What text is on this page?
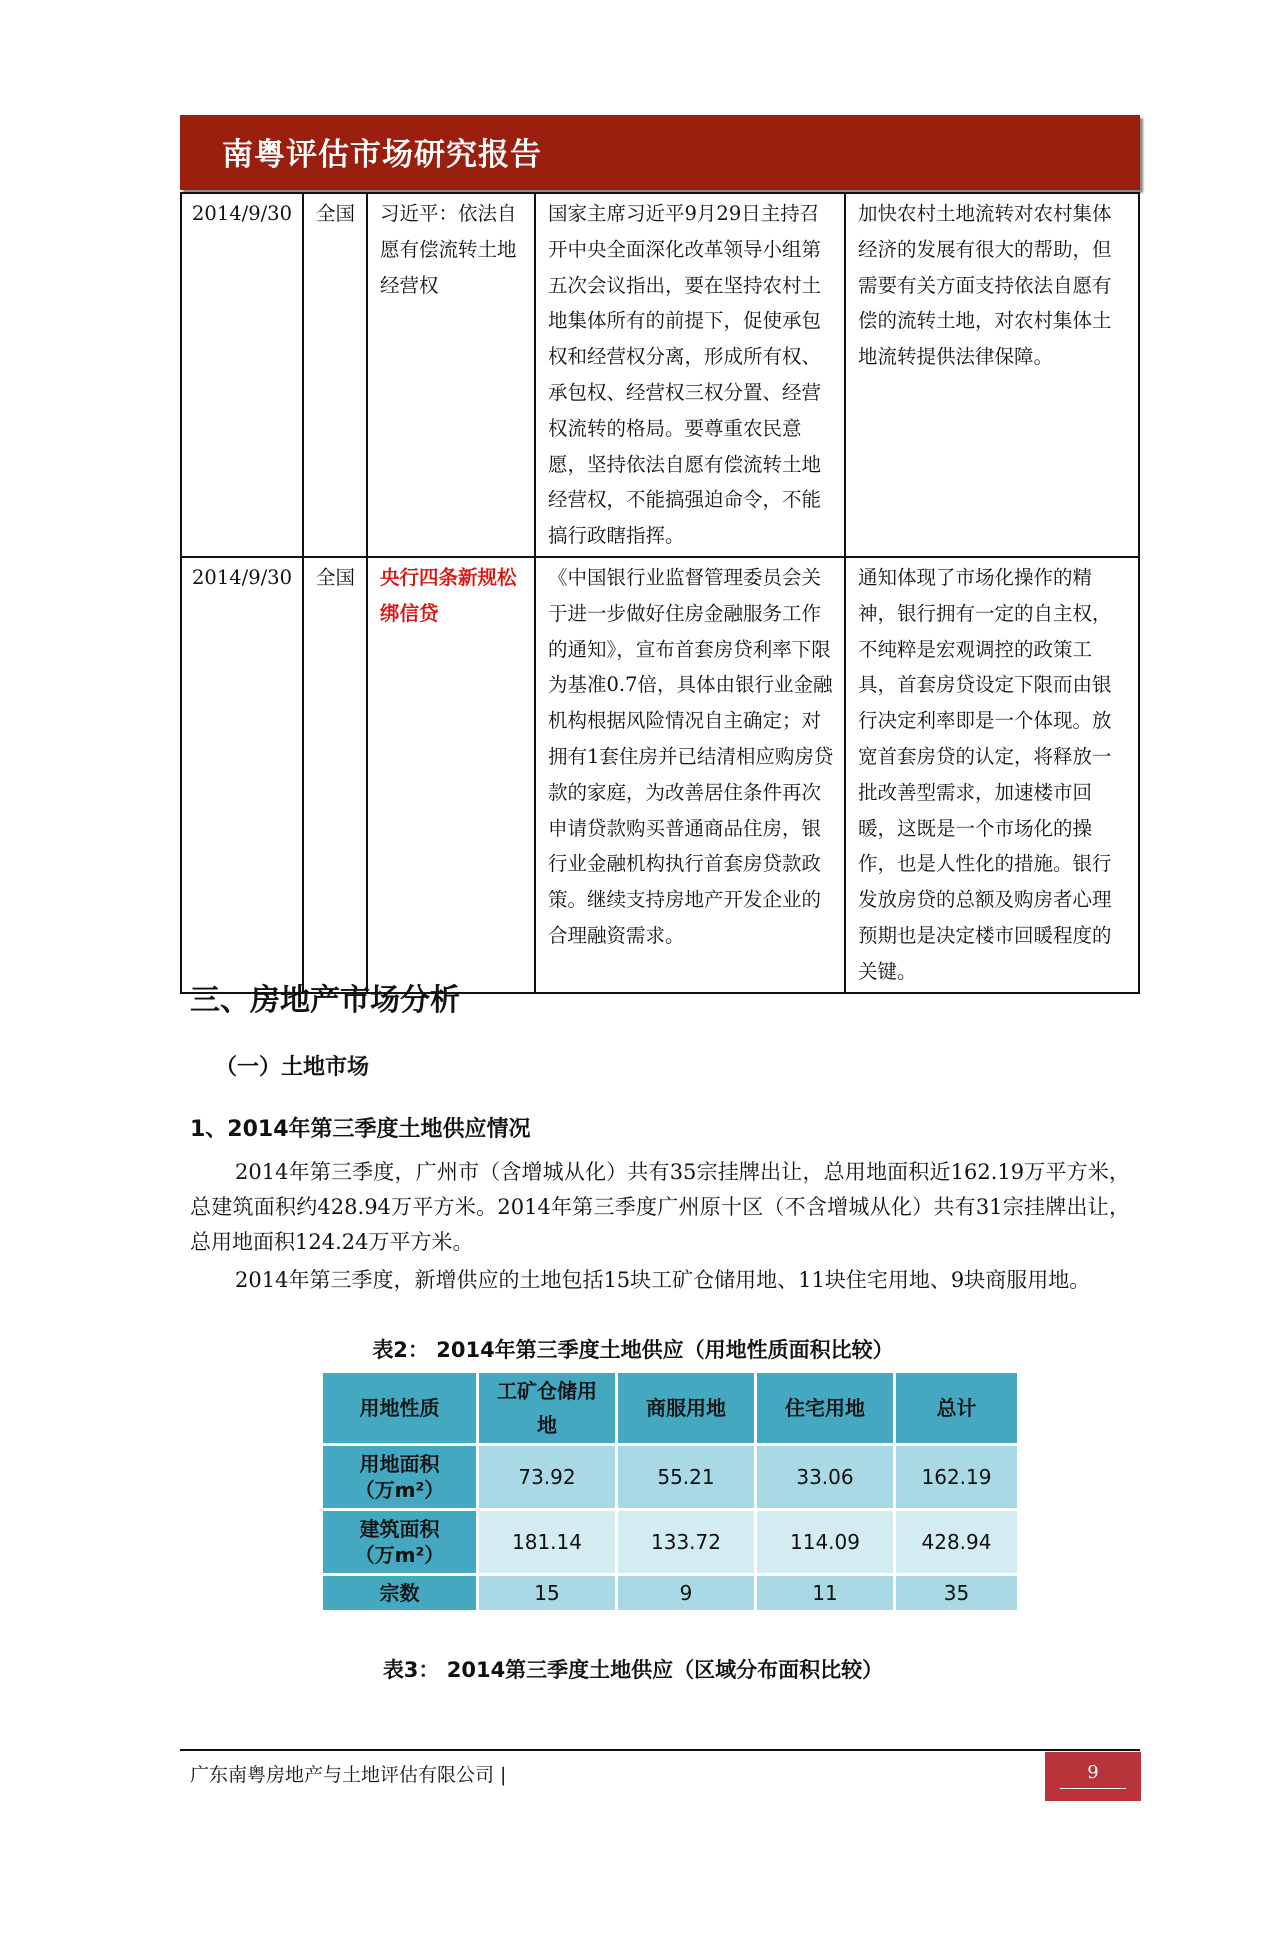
南粤评估市场研究报告
2014/9/30	全国	习近平：依法自愿有偿流转土地经营权	国家主席习近平9月29日主持召开中央全面深化改革领导小组第五次会议指出，要在坚持农村土地集体所有的前提下，促使承包权和经营权分离，形成所有权、承包权、经营权三权分置、经营权流转的格局。要尊重农民意愿，坚持依法自愿有偿流转土地经营权，不能搞强迫命令，不能搞行政瞎指挥。	加快农村土地流转对农村集体经济的发展有很大的帮助，但需要有关方面支持依法自愿有偿的流转土地，对农村集体土地流转提供法律保障。
2014/9/30	全国	央行四条新规松绑信贷	《中国银行业监督管理委员会关于进一步做好住房金融服务工作的通知》，宣布首套房贷利率下限为基准0.7倍，具体由银行业金融机构根据风险情况自主确定；对拥有1套住房并已结清相应购房贷款的家庭，为改善居住条件再次申请贷款购买普通商品住房，银行业金融机构执行首套房贷款政策。继续支持房地产开发企业的合理融资需求。	通知体现了市场化操作的精神，银行拥有一定的自主权，不纯粹是宏观调控的政策工具，首套房贷设定下限而由银行决定利率即是一个体现。放宽首套房贷的认定，将释放一批改善型需求，加速楼市回暖，这既是一个市场化的操作，也是人性化的措施。银行发放房贷的总额及购房者心理预期也是决定楼市回暖程度的关键。
三、房地产市场分析
（一）土地市场
1、2014年第三季度土地供应情况
2014年第三季度，广州市（含增城从化）共有35宗挂牌出让，总用地面积近162.19万平方米，总建筑面积约428.94万平方米。2014年第三季度广州原十区（不含增城从化）共有31宗挂牌出让，总用地面积124.24万平方米。
2014年第三季度，新增供应的土地包括15块工矿仓储用地、11块住宅用地、9块商服用地。
表2： 2014年第三季度土地供应（用地性质面积比较）
用地性质	工矿仓储用地	商服用地	住宅用地	总计

用地面积
（万m²）	73.92	55.21	33.06	162.19

建筑面积
（万m²）	181.14	133.72	114.09	428.94
宗数	15	9	11	35
表3： 2014第三季度土地供应（区域分布面积比较）
广东南粤房地产与土地评估有限公司 |	9
